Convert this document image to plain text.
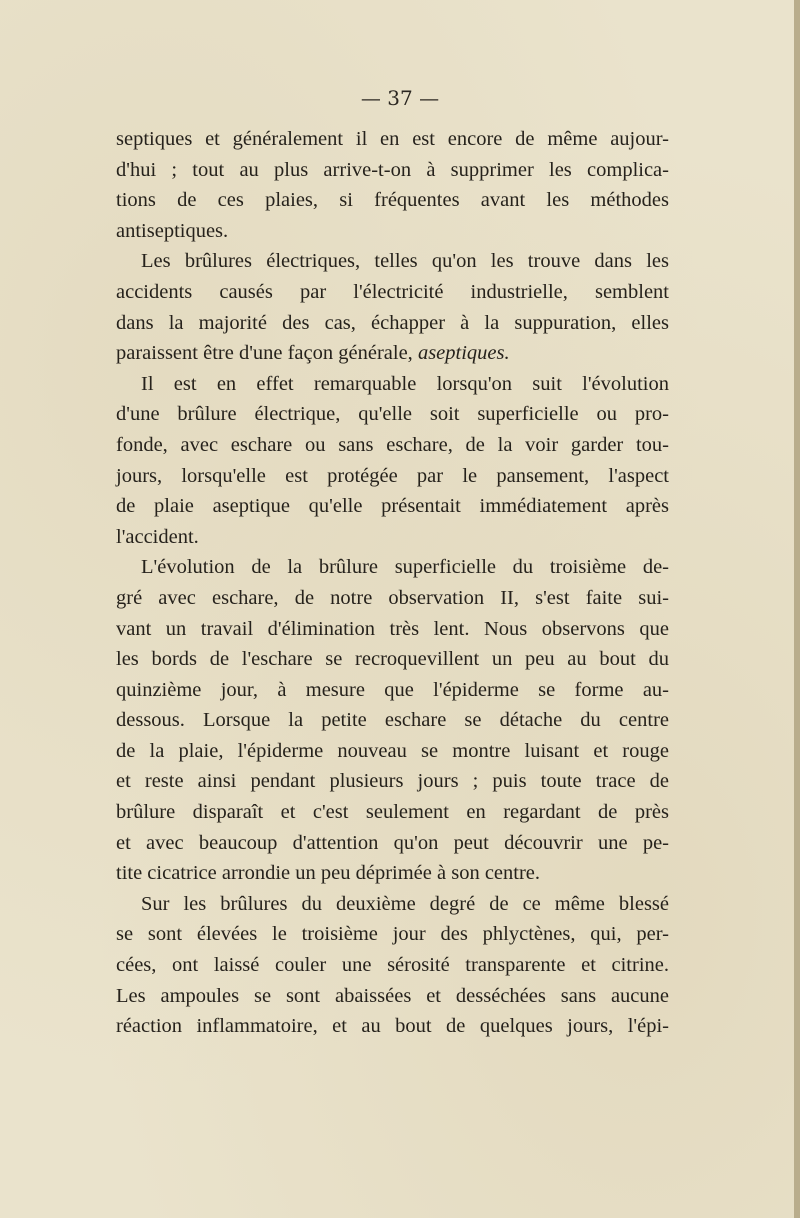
— 37 —

septiques et généralement il en est encore de même aujour-
d'hui ; tout au plus arrive-t-on à supprimer les complica-
tions de ces plaies, si fréquentes avant les méthodes
antiseptiques.
Les brûlures électriques, telles qu'on les trouve dans les
accidents causés par l'électricité industrielle, semblent
dans la majorité des cas, échapper à la suppuration, elles
paraissent être d'une façon générale, aseptiques.
Il est en effet remarquable lorsqu'on suit l'évolution
d'une brûlure électrique, qu'elle soit superficielle ou pro-
fonde, avec eschare ou sans eschare, de la voir garder tou-
jours, lorsqu'elle est protégée par le pansement, l'aspect
de plaie aseptique qu'elle présentait immédiatement après
l'accident.
L'évolution de la brûlure superficielle du troisième de-
gré avec eschare, de notre observation II, s'est faite sui-
vant un travail d'élimination très lent. Nous observons que
les bords de l'eschare se recroquevillent un peu au bout du
quinzième jour, à mesure que l'épiderme se forme au-
dessous. Lorsque la petite eschare se détache du centre
de la plaie, l'épiderme nouveau se montre luisant et rouge
et reste ainsi pendant plusieurs jours ; puis toute trace de
brûlure disparaît et c'est seulement en regardant de près
et avec beaucoup d'attention qu'on peut découvrir une pe-
tite cicatrice arrondie un peu déprimée à son centre.
Sur les brûlures du deuxième degré de ce même blessé
se sont élevées le troisième jour des phlyctènes, qui, per-
cées, ont laissé couler une sérosité transparente et citrine.
Les ampoules se sont abaissées et desséchées sans aucune
réaction inflammatoire, et au bout de quelques jours, l'épi-
